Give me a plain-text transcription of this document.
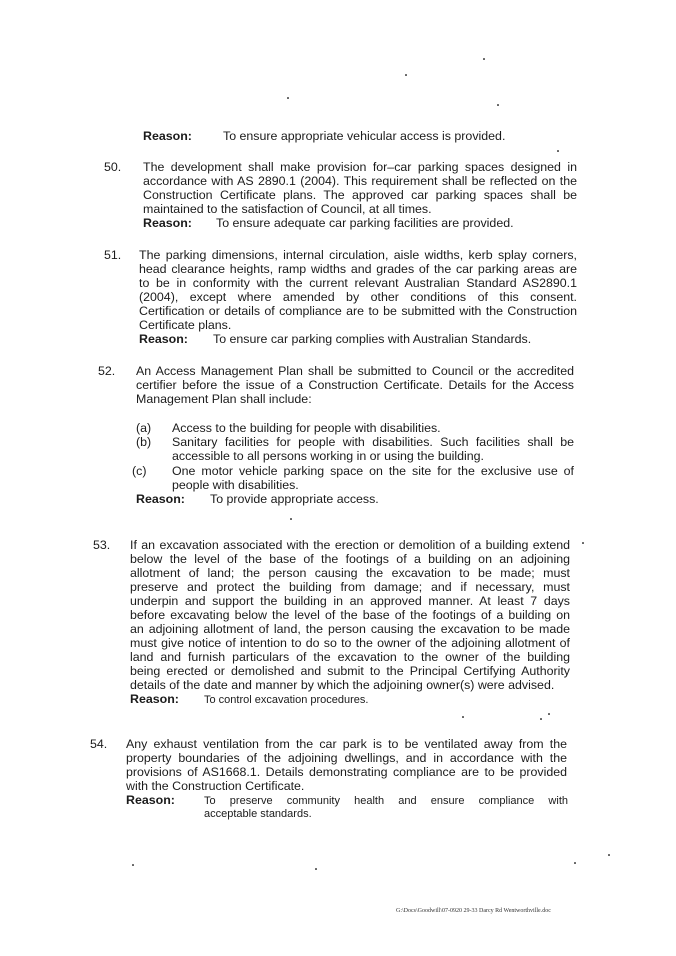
Reason:	To ensure appropriate vehicular access is provided.
50. The development shall make provision for–car parking spaces designed in
accordance with AS 2890.1 (2004). This requirement shall be reflected on the
Construction Certificate plans. The approved car parking spaces shall be
maintained to the satisfaction of Council, at all times.
Reason: To ensure adequate car parking facilities are provided.
51. The parking dimensions, internal circulation, aisle widths, kerb splay corners,
head clearance heights, ramp widths and grades of the car parking areas are
to be in conformity with the current relevant Australian Standard AS2890.1
(2004), except where amended by other conditions of this consent.
Certification or details of compliance are to be submitted with the Construction
Certificate plans.
Reason: To ensure car parking complies with Australian Standards.
52. An Access Management Plan shall be submitted to Council or the accredited
certifier before the issue of a Construction Certificate. Details for the Access
Management Plan shall include:
(a) Access to the building for people with disabilities.
(b) Sanitary facilities for people with disabilities. Such facilities shall be
accessible to all persons working in or using the building.
(c) One motor vehicle parking space on the site for the exclusive use of
people with disabilities.
Reason: To provide appropriate access.
53. If an excavation associated with the erection or demolition of a building extend
below the level of the base of the footings of a building on an adjoining
allotment of land; the person causing the excavation to be made; must
preserve and protect the building from damage; and if necessary, must
underpin and support the building in an approved manner. At least 7 days
before excavating below the level of the base of the footings of a building on
an adjoining allotment of land, the person causing the excavation to be made
must give notice of intention to do so to the owner of the adjoining allotment of
land and furnish particulars of the excavation to the owner of the building
being erected or demolished and submit to the Principal Certifying Authority
details of the date and manner by which the adjoining owner(s) were advised.
Reason: To control excavation procedures.
54. Any exhaust ventilation from the car park is to be ventilated away from the
property boundaries of the adjoining dwellings, and in accordance with the
provisions of AS1668.1. Details demonstrating compliance are to be provided
with the Construction Certificate.
Reason:	To preserve community health and ensure compliance with
acceptable standards.
G:\Docs\Goodwill\07-0920 29-33 Darcy Rd Wentworthville.doc
